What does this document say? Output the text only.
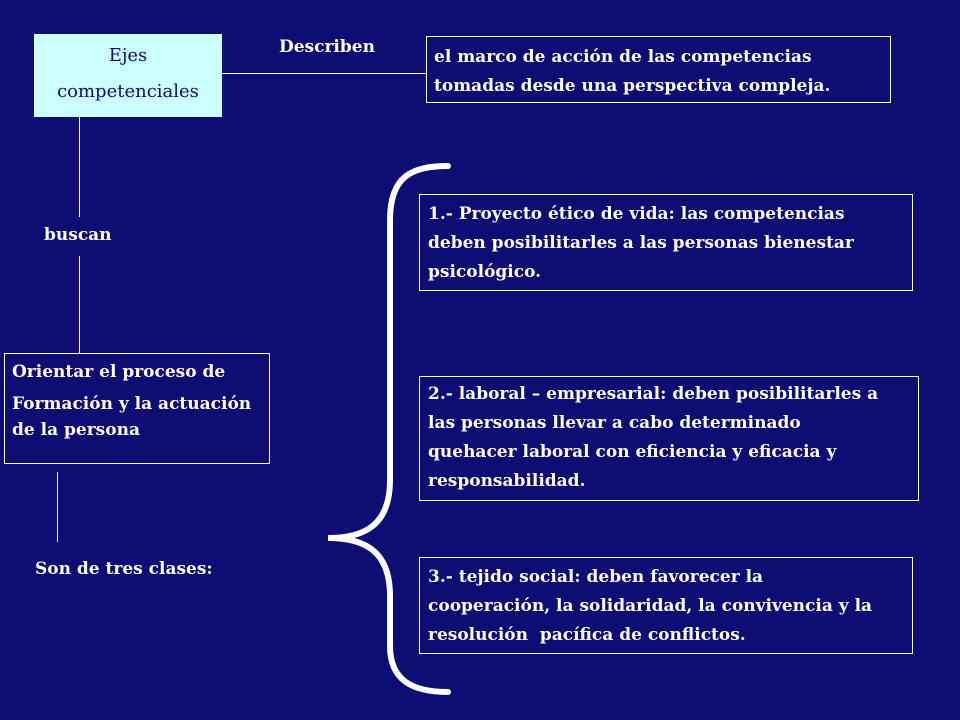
Ejes
competenciales
Describen	el marco de acción de las competencias
tomadas desde una perspectiva compleja.
buscan
Orientar el proceso de
Formación y la actuación de la persona
Son de tres clases:
1.- Proyecto ético de vida: las competencias
deben posibilitarles a las personas bienestar
psicológico.
2.- laboral – empresarial: deben posibilitarles a
las personas llevar a cabo determinado
quehacer laboral con eficiencia y eficacia y
responsabilidad.
3.- tejido social: deben favorecer la
cooperación, la solidaridad, la convivencia y la
resolución  pacífica de conflictos.
